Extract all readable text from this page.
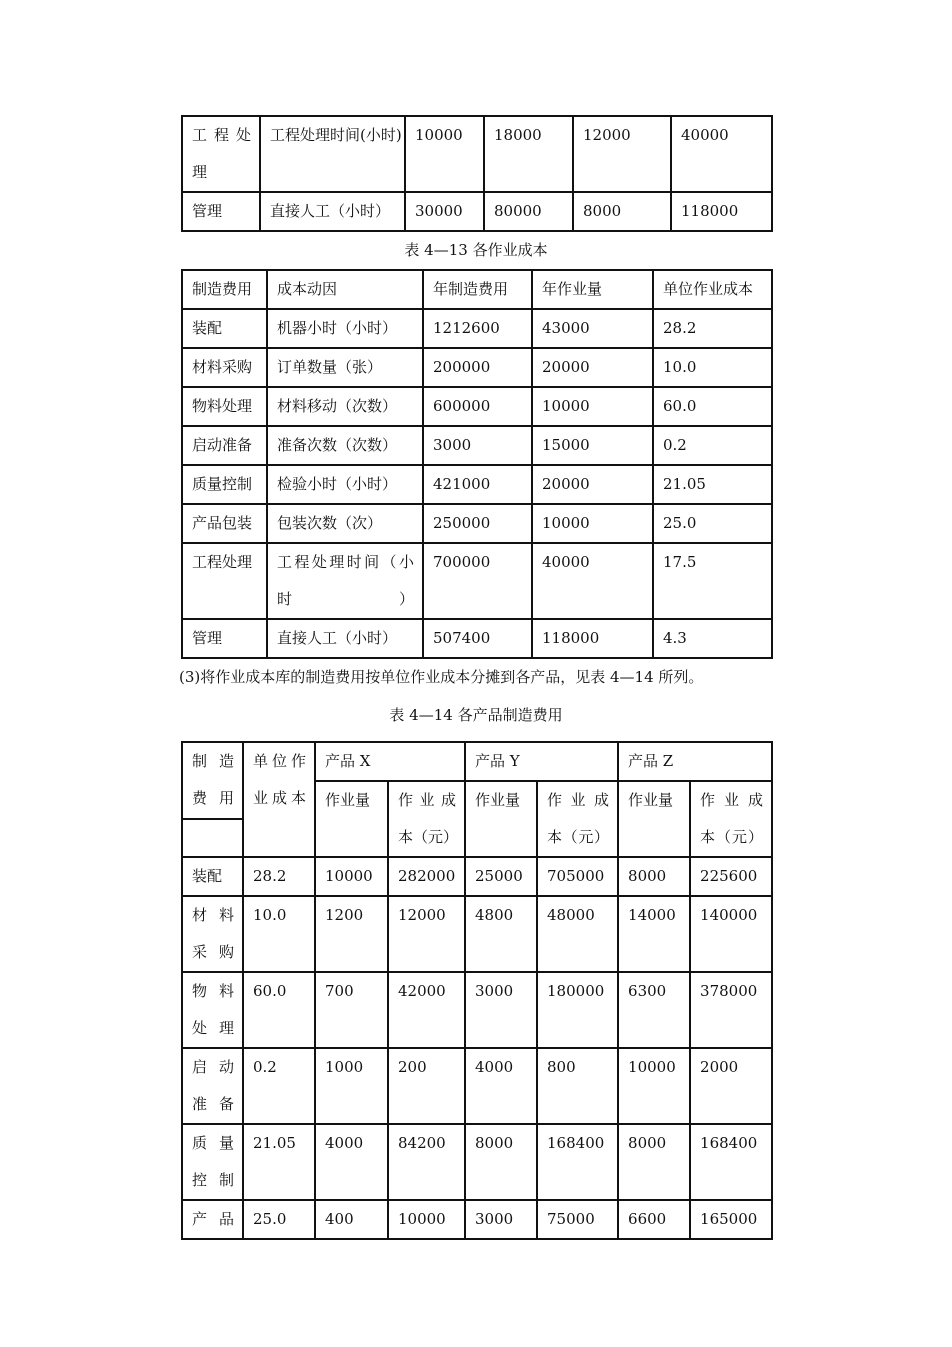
工 程 处理	工程处理时间(小时)	10000	18000	12000	40000
管理	直接人工（小时）	30000	80000	8000	118000
表 4—13 各作业成本
制造费用	成本动因	年制造费用	年作业量	单位作业成本
装配	机器小时（小时）	1212600	43000	28.2
材料采购	订单数量（张）	200000	20000	10.0
物料处理	材料移动（次数）	600000	10000	60.0
启动准备	准备次数（次数）	3000	15000	0.2
质量控制	检验小时（小时）	421000	20000	21.05
产品包装	包装次数（次）	250000	10000	25.0
工程处理	工程处理时间（小时）	700000	40000	17.5
管理	直接人工（小时）	507400	118000	4.3
(3)将作业成本库的制造费用按单位作业成本分摊到各产品，见表 4—14 所列。
表 4—14 各产品制造费用
制 造 费用	单位作业成本	产品 X		产品 Y		产品 Z	
		作业量	作 业 成本（元）	作业量	作 业 成本（元）	作业量	作 业 成本（元）

装配	28.2	10000	282000	25000	705000	8000	225600
材 料 采购	10.0	1200	12000	4800	48000	14000	140000
物 料 处理	60.0	700	42000	3000	180000	6300	378000
启 动 准备	0.2	1000	200	4000	800	10000	2000
质 量 控制	21.05	4000	84200	8000	168400	8000	168400
产 品	25.0	400	10000	3000	75000	6600	165000
